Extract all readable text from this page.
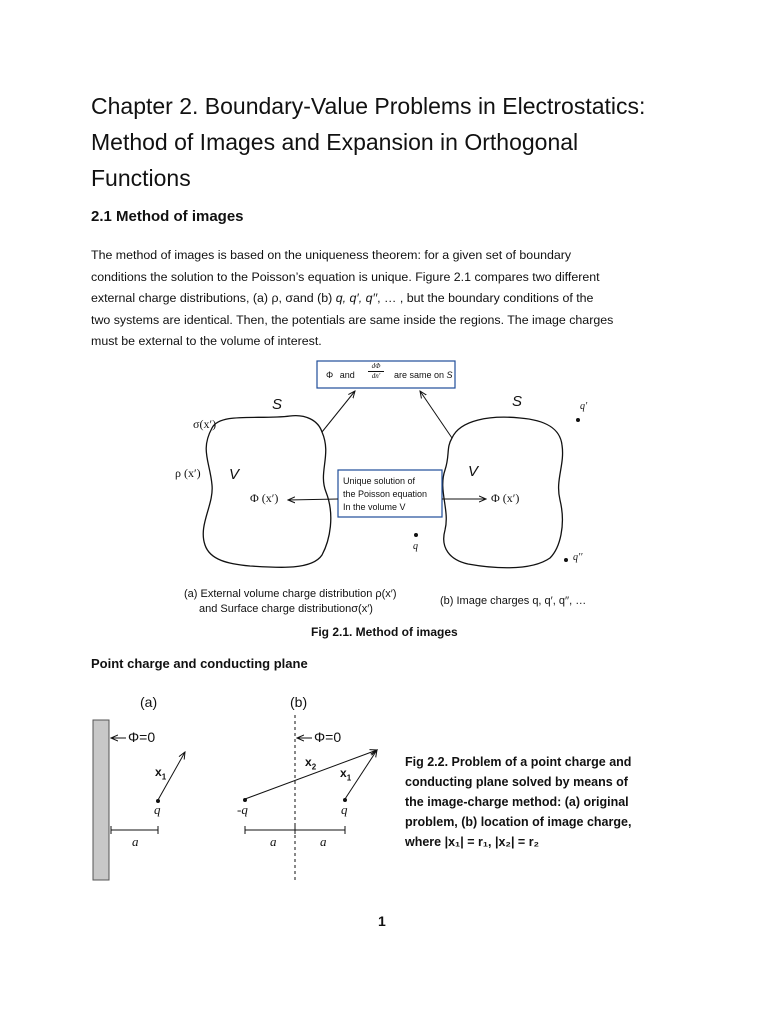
Chapter 2. Boundary-Value Problems in Electrostatics:
Method of Images and Expansion in Orthogonal
Functions
2.1 Method of images
The method of images is based on the uniqueness theorem: for a given set of boundary
conditions the solution to the Poisson’s equation is unique. Figure 2.1 compares two different
external charge distributions, (a) ρ, σand (b) q, q′, q′′, … , but the boundary conditions of the
two systems are identical. Then, the potentials are same inside the regions. The image charges
must be external to the volume of interest.
Φ and
dΦ
dn′	are same on S
S
σ(x′)
ρ (x′) V
Φ (x′)
S	q′
V
Φ (x′)
q′′
Unique solution of
the Poisson equation
In the volume V
q
(a) External volume charge distribution ρ(x′)
and Surface charge distributionσ(x′)
(b) Image charges q, q′, q′′, …
Fig 2.1. Method of images
Point charge and conducting plane
(a)	(b)
Φ=0	Φ=0
$x_1$
q
a
$x_2$ $x_1$
-q	q
a	a
Fig 2.2. Problem of a point charge and
conducting plane solved by means of
the image-charge method: (a) original
problem, (b) location of image charge,
where |x₁| = r₁, |x₂| = r₂
1
